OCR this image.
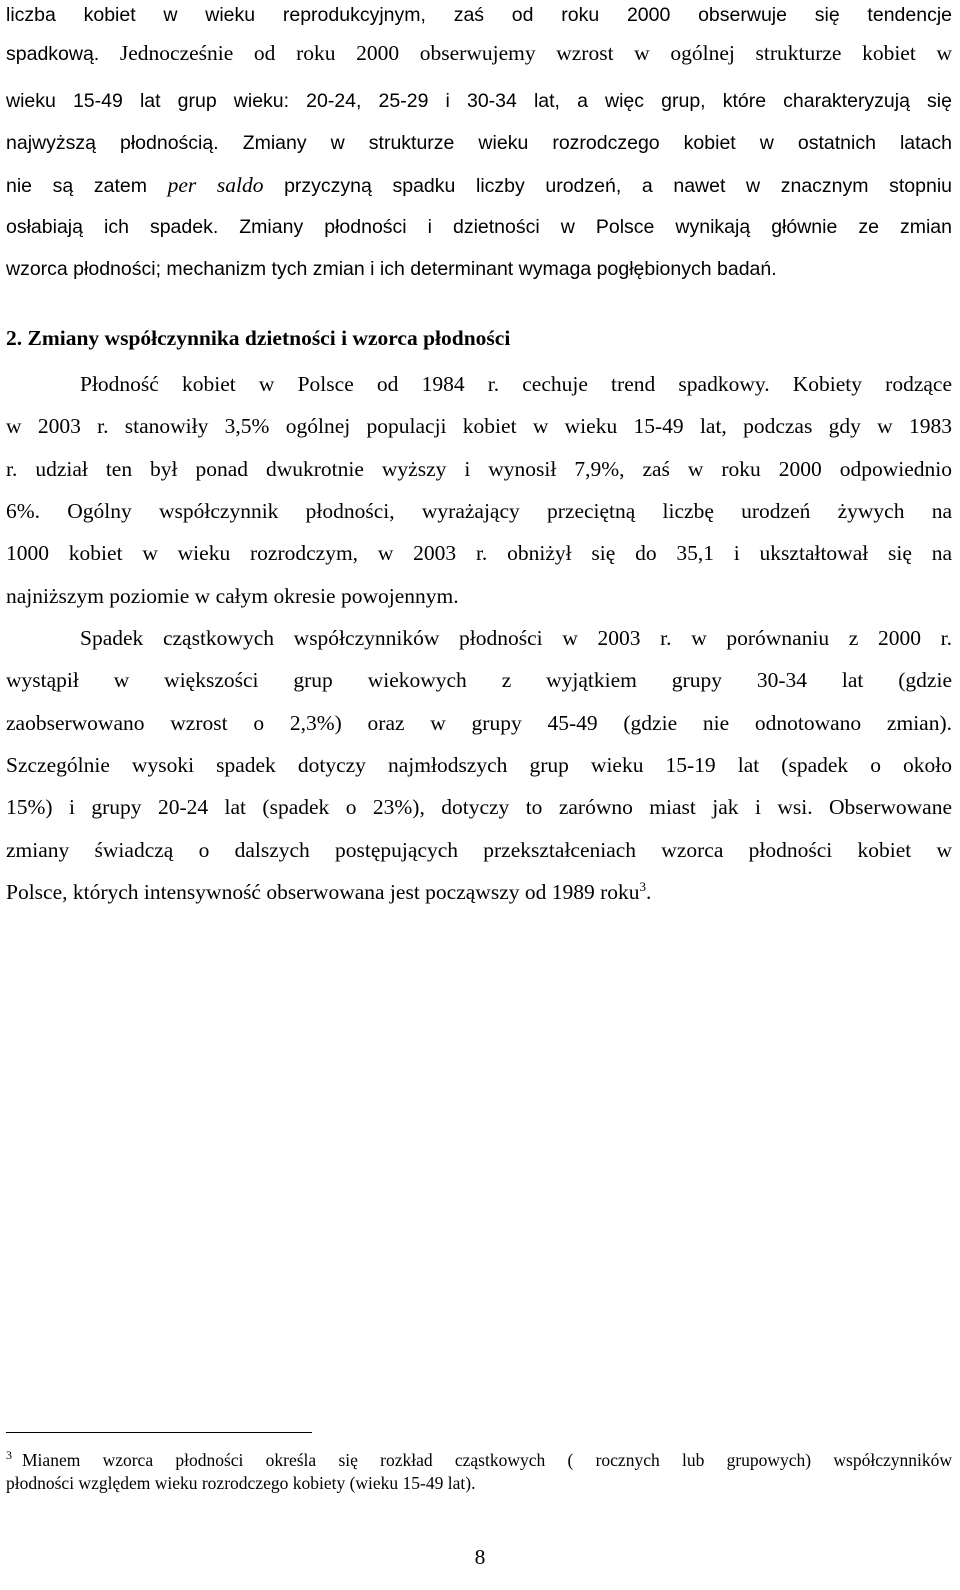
liczba kobiet w wieku reprodukcyjnym, zaś od roku 2000 obserwuje się tendencje
spadkową. Jednocześnie od roku 2000 obserwujemy wzrost w ogólnej strukturze kobiet w
wieku 15-49 lat grup wieku: 20-24, 25-29 i 30-34 lat, a więc grup, które charakteryzują się
najwyższą płodnością. Zmiany w strukturze wieku rozrodczego kobiet w ostatnich latach
nie są zatem per saldo przyczyną spadku liczby urodzeń, a nawet w znacznym stopniu
osłabiają ich spadek. Zmiany płodności i dzietności w Polsce wynikają głównie ze zmian
wzorca płodności; mechanizm tych zmian i ich determinant wymaga pogłębionych badań.
2. Zmiany współczynnika dzietności i wzorca płodności
Płodność kobiet w Polsce od 1984 r. cechuje trend spadkowy. Kobiety rodzące
w 2003 r. stanowiły 3,5% ogólnej populacji kobiet w wieku 15-49 lat, podczas gdy w 1983
r. udział ten był ponad dwukrotnie wyższy i wynosił 7,9%, zaś w roku 2000 odpowiednio
6%. Ogólny współczynnik płodności, wyrażający przeciętną liczbę urodzeń żywych na
1000 kobiet w wieku rozrodczym, w 2003 r. obniżył się do 35,1 i ukształtował się na
najniższym poziomie w całym okresie powojennym.
Spadek cząstkowych współczynników płodności w 2003 r. w porównaniu z 2000 r.
wystąpił w większości grup wiekowych z wyjątkiem grupy 30-34 lat (gdzie
zaobserwowano wzrost o 2,3%) oraz w grupy 45-49 (gdzie nie odnotowano zmian).
Szczególnie wysoki spadek dotyczy najmłodszych grup wieku 15-19 lat (spadek o około
15%) i grupy 20-24 lat (spadek o 23%), dotyczy to zarówno miast jak i wsi. Obserwowane
zmiany świadczą o dalszych postępujących przekształceniach wzorca płodności kobiet w
Polsce, których intensywność obserwowana jest począwszy od 1989 roku$^3$.
$^3$ Mianem wzorca płodności określa się rozkład cząstkowych ( rocznych lub grupowych) współczynników
płodności względem wieku rozrodczego kobiety (wieku 15-49 lat).
8
